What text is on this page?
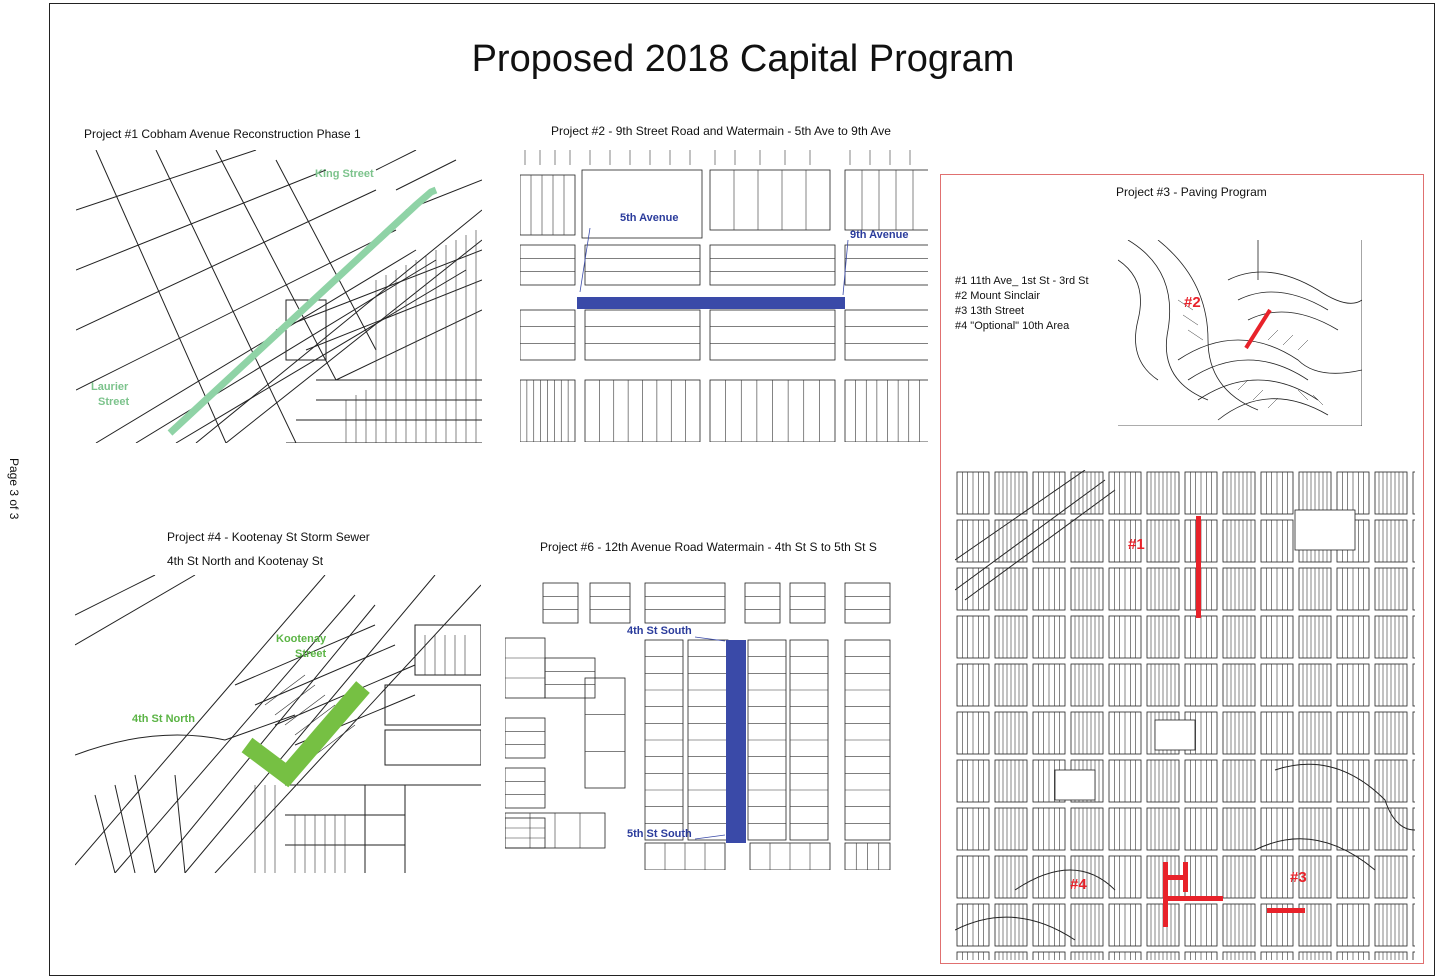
Page 3 of 3
Proposed 2018 Capital Program
Project #1 Cobham Avenue Reconstruction Phase 1
King Street
Laurier
Street
Project #2 - 9th Street Road and Watermain - 5th Ave to 9th Ave
5th Avenue
9th Avenue
Project #3 - Paving Program
#1 11th Ave_ 1st St - 3rd St
#2 Mount Sinclair
#3 13th Street
#4 "Optional" 10th Area
#2
#1
#4	#3
Project #4 - Kootenay St Storm Sewer
4th St North and Kootenay St
Kootenay
Street
4th St North
Project #6 - 12th Avenue Road Watermain - 4th St S to 5th St S
4th St South
5th St South
